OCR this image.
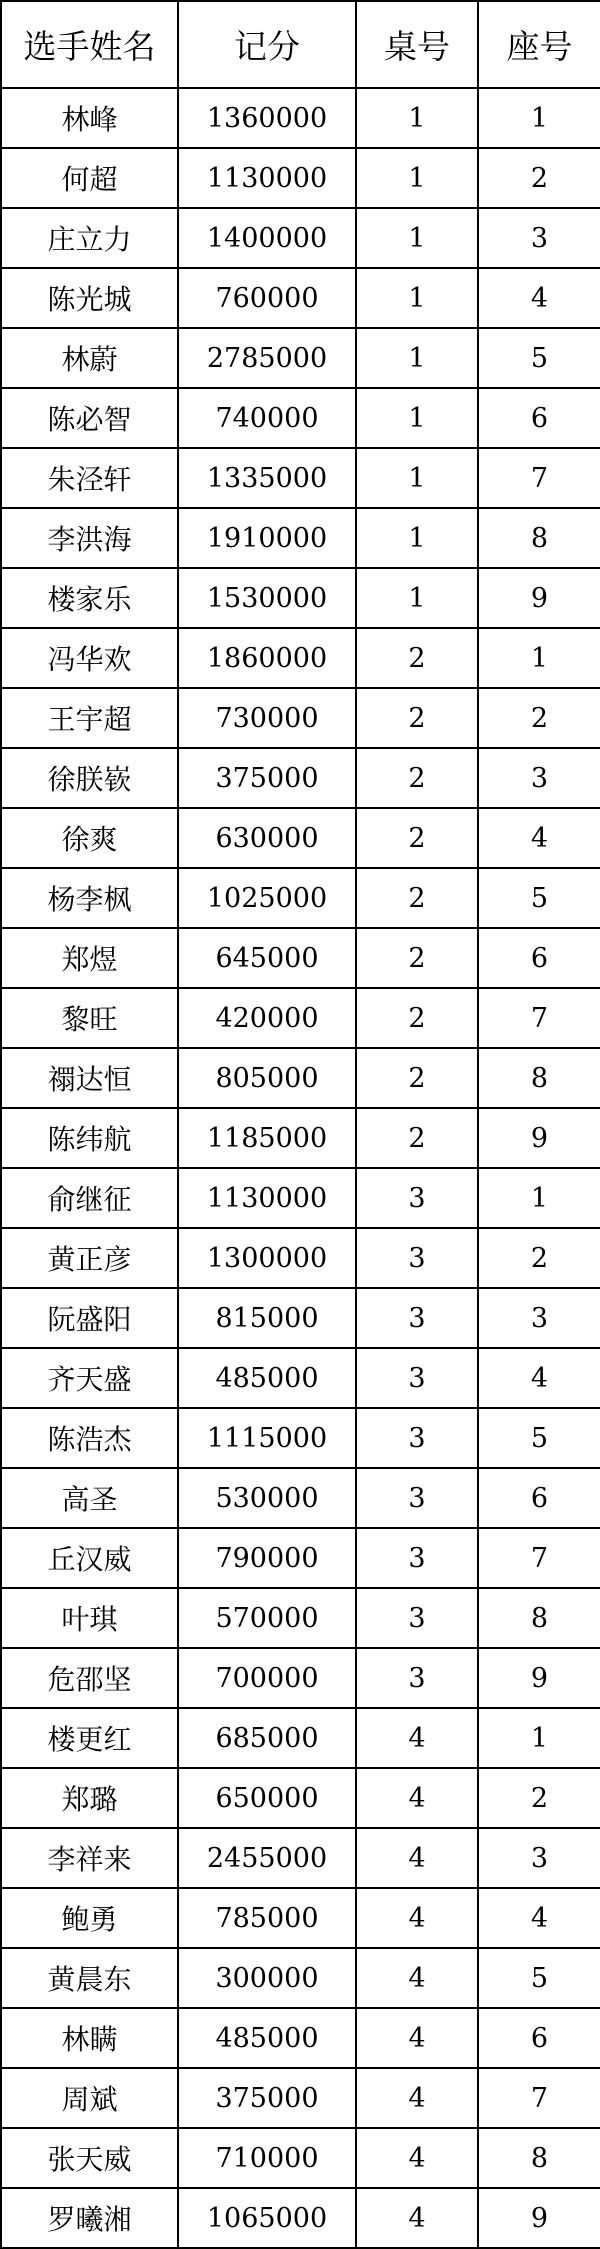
选手姓名	记分	桌号	座号
林峰	1360000	1	1
何超	1130000	1	2
庄立力	1400000	1	3
陈光城	760000	1	4
林蔚	2785000	1	5
陈必智	740000	1	6
朱泾轩	1335000	1	7
李洪海	1910000	1	8
楼家乐	1530000	1	9
冯华欢	1860000	2	1
王宇超	730000	2	2
徐朕嵚	375000	2	3
徐爽	630000	2	4
杨李枫	1025000	2	5
郑煜	645000	2	6
黎旺	420000	2	7
禤达恒	805000	2	8
陈纬航	1185000	2	9
俞继征	1130000	3	1
黄正彦	1300000	3	2
阮盛阳	815000	3	3
齐天盛	485000	3	4
陈浩杰	1115000	3	5
高圣	530000	3	6
丘汉威	790000	3	7
叶琪	570000	3	8
危邵坚	700000	3	9
楼更红	685000	4	1
郑璐	650000	4	2
李祥来	2455000	4	3
鲍勇	785000	4	4
黄晨东	300000	4	5
林瞒	485000	4	6
周斌	375000	4	7
张天威	710000	4	8
罗曦湘	1065000	4	9
